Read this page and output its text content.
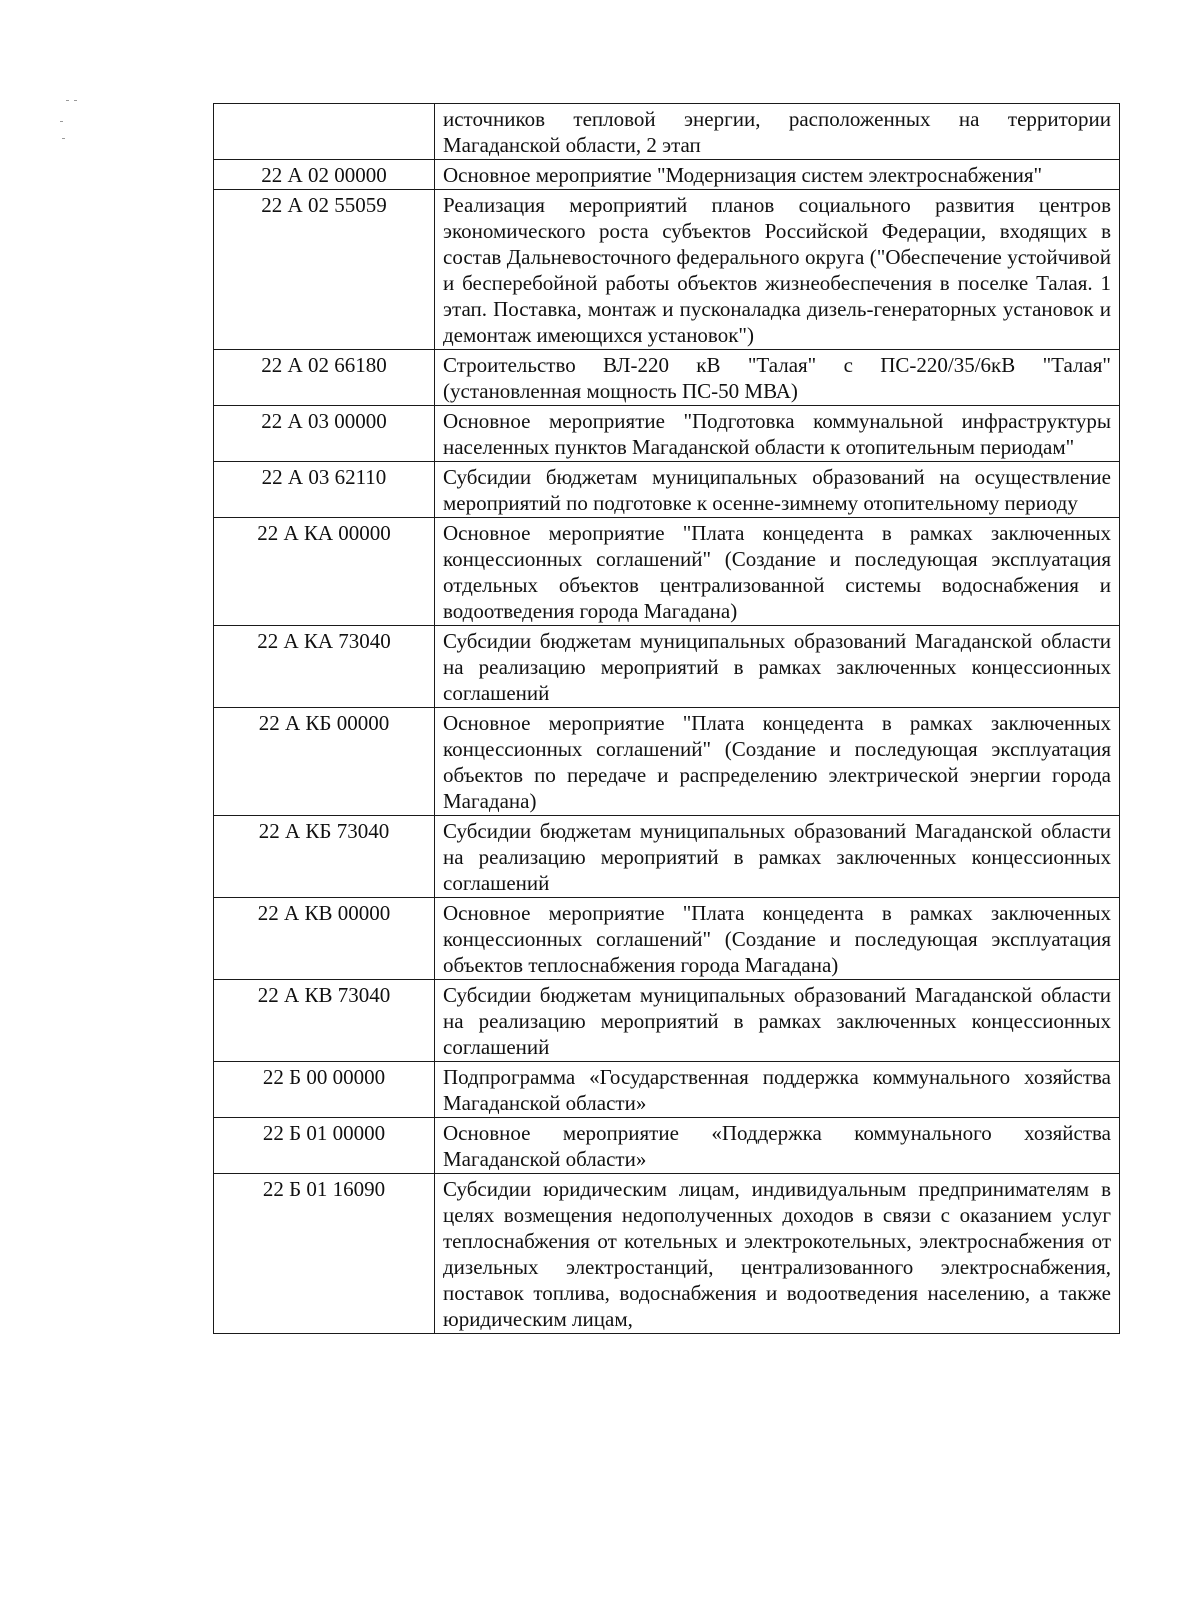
	источников тепловой энергии, расположенных на территории Магаданской области, 2 этап
22 А 02 00000	Основное мероприятие "Модернизация систем электроснабжения"
22 А 02 55059	Реализация мероприятий планов социального развития центров экономического роста субъектов Российской Федерации, входящих в состав Дальневосточного федерального округа ("Обеспечение устойчивой и бесперебойной работы объектов жизнеобеспечения в поселке Талая. 1 этап. Поставка, монтаж и пусконаладка дизель-генераторных установок и демонтаж имеющихся установок")
22 А 02 66180	Строительство ВЛ-220 кВ "Талая" с ПС-220/35/6кВ "Талая" (установленная мощность ПС-50 МВА)
22 А 03 00000	Основное мероприятие "Подготовка коммунальной инфраструктуры населенных пунктов Магаданской области к отопительным периодам"
22 А 03 62110	Субсидии бюджетам муниципальных образований на осуществление мероприятий по подготовке к осенне-зимнему отопительному периоду
22 А КА 00000	Основное мероприятие "Плата концедента в рамках заключенных концессионных соглашений" (Создание и последующая эксплуатация отдельных объектов централизованной системы водоснабжения и водоотведения города Магадана)
22 А КА 73040	Субсидии бюджетам муниципальных образований Магаданской области на реализацию мероприятий в рамках заключенных концессионных соглашений
22 А КБ 00000	Основное мероприятие "Плата концедента в рамках заключенных концессионных соглашений" (Создание и последующая эксплуатация объектов по передаче и распределению электрической энергии города Магадана)
22 А КБ 73040	Субсидии бюджетам муниципальных образований Магаданской области на реализацию мероприятий в рамках заключенных концессионных соглашений
22 А КВ 00000	Основное мероприятие "Плата концедента в рамках заключенных концессионных соглашений" (Создание и последующая эксплуатация объектов теплоснабжения города Магадана)
22 А КВ 73040	Субсидии бюджетам муниципальных образований Магаданской области на реализацию мероприятий в рамках заключенных концессионных соглашений
22 Б 00 00000	Подпрограмма «Государственная поддержка коммунального хозяйства Магаданской области»
22 Б 01 00000	Основное мероприятие «Поддержка коммунального хозяйства Магаданской области»
22 Б 01 16090	Субсидии юридическим лицам, индивидуальным предпринимателям в целях возмещения недополученных доходов в связи с оказанием услуг теплоснабжения от котельных и электрокотельных, электроснабжения от дизельных электростанций, централизованного электроснабжения, поставок топлива, водоснабжения и водоотведения населению, а также юридическим лицам,
